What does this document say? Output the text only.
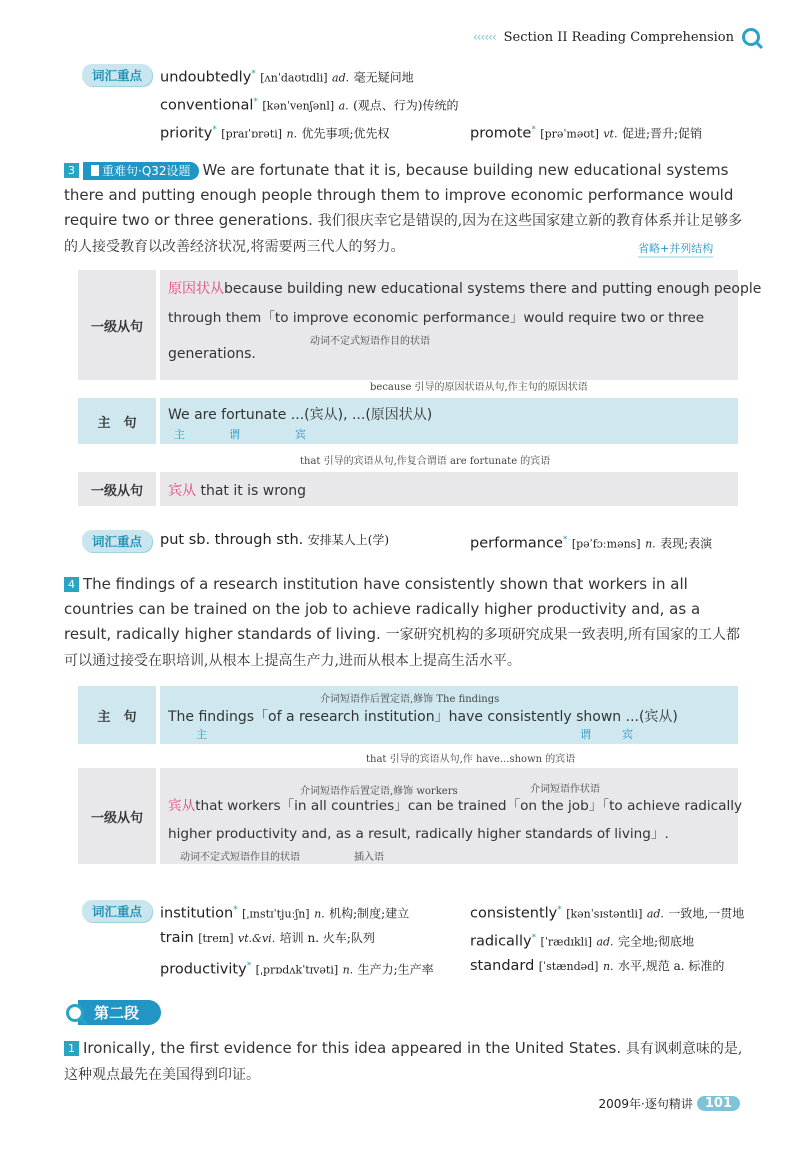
‹‹‹‹‹‹ Section II Reading Comprehension
词汇重点	undoubtedly* [ʌnˈdaʊtɪdli] ad. 毫无疑问地
conventional* [kənˈvenʃənl] a. (观点、行为)传统的
priority* [praɪˈɒrəti] n. 优先事项;优先权	promote* [prəˈməʊt] vt. 促进;晋升;促销
3 重难句·Q32设题 We are fortunate that it is, because building new educational systems there and putting enough people through them to improve economic performance would require two or three generations. 我们很庆幸它是错误的,因为在这些国家建立新的教育体系并让足够多的人接受教育以改善经济状况,将需要两三代人的努力。	省略+并列结构
一级从句
原因状从because building new educational systems there and putting enough people
through them「to improve economic performance」would require two or three
动词不定式短语作目的状语
generations.
because 引导的原因状语从句,作主句的原因状语
主　句	We are fortunate ...(宾从), ...(原因状从)
主　　　　	谓　　　　　	宾
that 引导的宾语从句,作复合谓语 are fortunate 的宾语
一级从句	宾从 that it is wrong
词汇重点	put sb. through sth. 安排某人上(学)	performance* [pəˈfɔːməns] n. 表现;表演
4 The findings of a research institution have consistently shown that workers in all countries can be trained on the job to achieve radically higher productivity and, as a result, radically higher standards of living. 一家研究机构的多项研究成果一致表明,所有国家的工人都可以通过接受在职培训,从根本上提高生产力,进而从根本上提高生活水平。
主　句
介词短语作后置定语,修饰 The findings
The findings「of a research institution」have consistently shown ...(宾从)
主	谓	宾
that 引导的宾语从句,作 have...shown 的宾语
一级从句
介词短语作后置定语,修饰 workers	介词短语作状语
宾从that workers「in all countries」can be trained「on the job」「to achieve radically
higher productivity and, as a result, radically higher standards of living」.
动词不定式短语作目的状语	插入语
词汇重点	institution* [ˌɪnstɪˈtjuːʃn] n. 机构;制度;建立	consistently* [kənˈsɪstəntli] ad. 一致地,一贯地
train [treɪn] vt.&vi. 培训 n. 火车;队列	radically* [ˈrædɪkli] ad. 完全地;彻底地
productivity* [ˌprɒdʌkˈtɪvəti] n. 生产力;生产率	standard [ˈstændəd] n. 水平,规范 a. 标准的
第二段
1 Ironically, the first evidence for this idea appeared in the United States. 具有讽刺意味的是,这种观点最先在美国得到印证。
2009年·逐句精讲 101
